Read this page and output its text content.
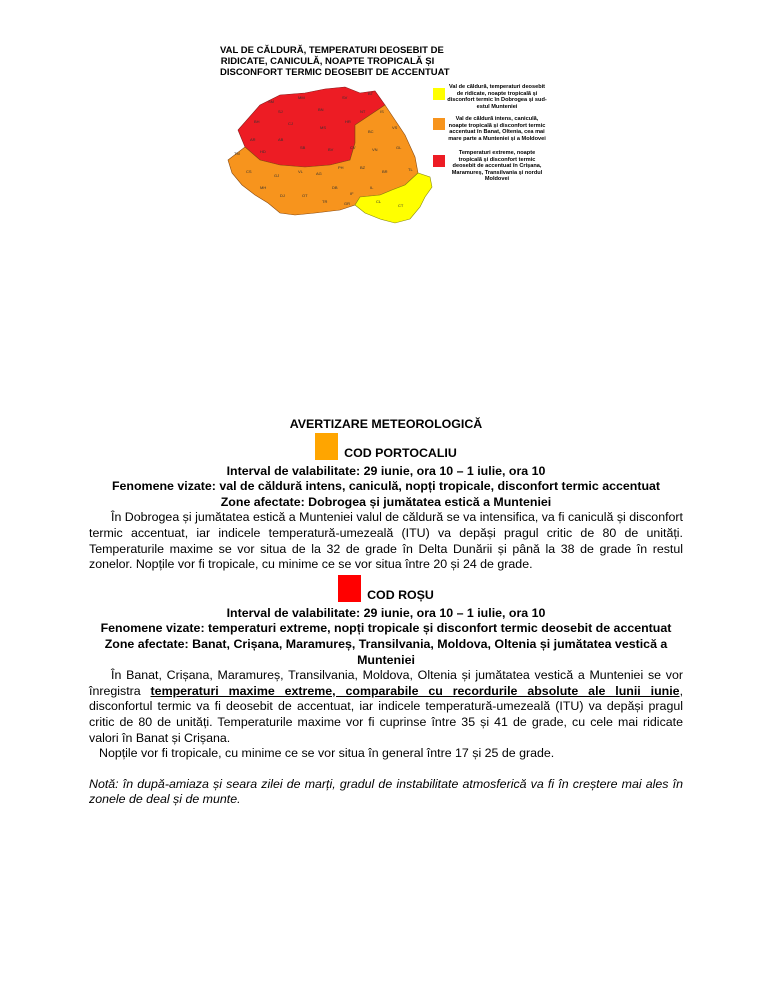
VAL DE CĂLDURĂ, TEMPERATURI DEOSEBIT DE
RIDICATE, CANICULĂ, NOAPTE TROPICALĂ ȘI
DISCONFORT TERMIC DEOSEBIT DE ACCENTUAT
SM
MM	SV
BT
SJ	BN
BH	CJ
MS
HR
NT	IS
AR	AB
HD
SB	BV	CV
BC
VS
TM
CS
GJ
VL	AG
PH	BZ
VN	GL
BR	TL
MH
DJ	OT
TR
DB
GR
IF
IL
CL
CT
Val de căldură, temperaturi deosebit
de ridicate, noapte tropicală și
disconfort termic în Dobrogea și sud-
estul Munteniei
Val de căldură intens, caniculă,
noapte tropicală și disconfort termic
accentuat în Banat, Oltenia, cea mai
mare parte a Munteniei și a Moldovei
Temperaturi extreme, noapte
tropicală și disconfort termic
deosebit de accentuat în Crișana,
Maramureș, Transilvania și nordul
Moldovei
AVERTIZARE METEOROLOGICĂ
COD PORTOCALIU
Interval de valabilitate: 29 iunie, ora 10 – 1 iulie, ora 10
Fenomene vizate: val de căldură intens, caniculă, nopți tropicale, disconfort termic accentuat
Zone afectate: Dobrogea și jumătatea estică a Munteniei
În Dobrogea și jumătatea estică a Munteniei valul de căldură se va intensifica, va fi caniculă și disconfort termic accentuat, iar indicele temperatură-umezeală (ITU) va depăși pragul critic de 80 de unități. Temperaturile maxime se vor situa de la 32 de grade în Delta Dunării și până la 38 de grade în restul zonelor. Nopțile vor fi tropicale, cu minime ce se vor situa între 20 și 24 de grade.
COD ROȘU
Interval de valabilitate: 29 iunie, ora 10 – 1 iulie, ora 10
Fenomene vizate: temperaturi extreme, nopți tropicale și disconfort termic deosebit de accentuat
Zone afectate: Banat, Crișana, Maramureș, Transilvania, Moldova, Oltenia și jumătatea vestică a
Munteniei
În Banat, Crișana, Maramureș, Transilvania, Moldova, Oltenia și jumătatea vestică a Munteniei se vor înregistra temperaturi maxime extreme, comparabile cu recordurile absolute ale lunii iunie, disconfortul termic va fi deosebit de accentuat, iar indicele temperatură-umezeală (ITU) va depăși pragul critic de 80 de unități. Temperaturile maxime vor fi cuprinse între 35 și 41 de grade, cu cele mai ridicate valori în Banat și Crișana.
Nopțile vor fi tropicale, cu minime ce se vor situa în general între 17 și 25 de grade.
Notă: în după-amiaza și seara zilei de marți, gradul de instabilitate atmosferică va fi în creștere mai ales în zonele de deal și de munte.
